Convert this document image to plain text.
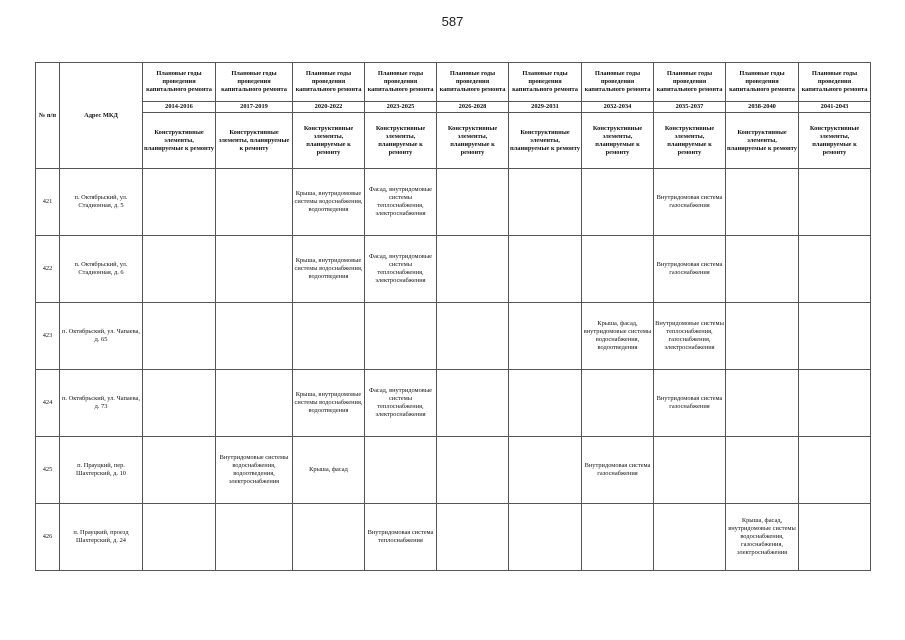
587
№ п/п	Адрес МКД	Плановые годы проведения капитального ремонта	Плановые годы проведения капитального ремонта	Плановые годы проведения капитального ремонта	Плановые годы проведения капитального ремонта	Плановые годы проведения капитального ремонта	Плановые годы проведения капитального ремонта	Плановые годы проведения капитального ремонта	Плановые годы проведения капитального ремонта	Плановые годы проведения капитального ремонта	Плановые годы проведения капитального ремонта
		2014-2016	2017-2019	2020-2022	2023-2025	2026-2028	2029-2031	2032-2034	2035-2037	2038-2040	2041-2043
		Конструктивные элементы, планируемые к ремонту	Конструктивные элементы, планируемые к ремонту	Конструктивные элементы, планируемые к ремонту	Конструктивные элементы, планируемые к ремонту	Конструктивные элементы, планируемые к ремонту	Конструктивные элементы, планируемые к ремонту	Конструктивные элементы, планируемые к ремонту	Конструктивные элементы, планируемые к ремонту	Конструктивные элементы, планируемые к ремонту	Конструктивные элементы, планируемые к ремонту
421	п. Октябрьский, ул. Стадионная, д. 5			Крыша, внутридомовые системы водоснабжения, водоотведения	Фасад, внутридомовые системы теплоснабжения, электроснабжения				Внутридомовая система газоснабжения		
422	п. Октябрьский, ул. Стадионная, д. 6			Крыша, внутридомовые системы водоснабжения, водоотведения	Фасад, внутридомовые системы теплоснабжения, электроснабжения				Внутридомовая система газоснабжения		
423	п. Октябрьский, ул. Чапаева, д. 65							Крыша, фасад, внутридомовые системы водоснабжения, водоотведения	Внутридомовые системы теплоснабжения, газоснабжения, электроснабжения		
424	п. Октябрьский, ул. Чапаева, д. 73			Крыша, внутридомовые системы водоснабжения, водоотведения	Фасад, внутридомовые системы теплоснабжения, электроснабжения				Внутридомовая система газоснабжения		
425	п. Прауцкий, пер. Шахтерский, д. 10		Внутридомовые системы водоснабжения, водоотведения, электроснабжения	Крыша, фасад				Внутридомовая система газоснабжения			
426	п. Прауцкий, проезд Шахтерский, д. 24				Внутридомовая система теплоснабжения					Крыша, фасад, внутридомовые системы водоснабжения, газоснабжения, электроснабжения	
